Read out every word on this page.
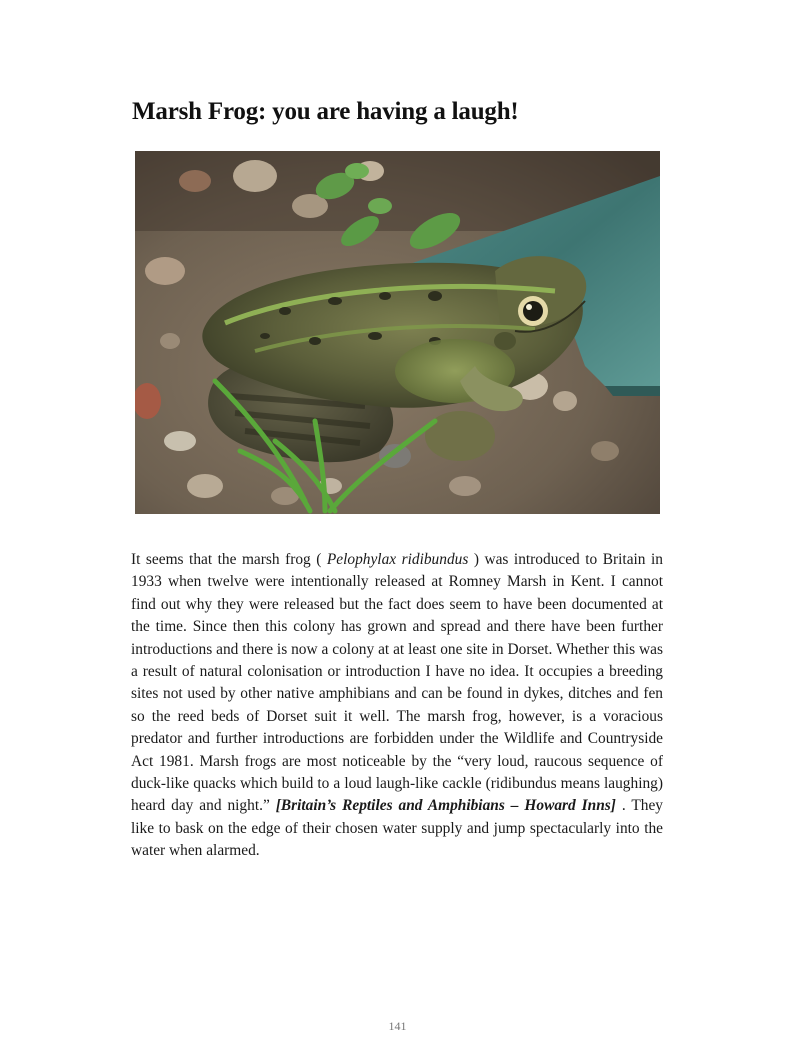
Marsh Frog: you are having a laugh!

It seems that the marsh frog ( Pelophylax ridibundus ) was introduced to Britain in 1933 when twelve were intentionally released at Romney Marsh in Kent. I cannot find out why they were released but the fact does seem to have been documented at the time. Since then this colony has grown and spread and there have been further introductions and there is now a colony at at least one site in Dorset. Whether this was a result of natural colonisation or introduction I have no idea. It occupies a breeding sites not used by other native amphibians and can be found in dykes, ditches and fen so the reed beds of Dorset suit it well. The marsh frog, however, is a voracious predator and further introductions are forbidden under the Wildlife and Countryside Act 1981. Marsh frogs are most noticeable by the “very loud, raucous sequence of duck-like quacks which build to a loud laugh-like cackle (ridibundus means laughing) heard day and night.” [Britain’s Reptiles and Amphibians – Howard Inns] . They like to bask on the edge of their chosen water supply and jump spectacularly into the water when alarmed.

141
